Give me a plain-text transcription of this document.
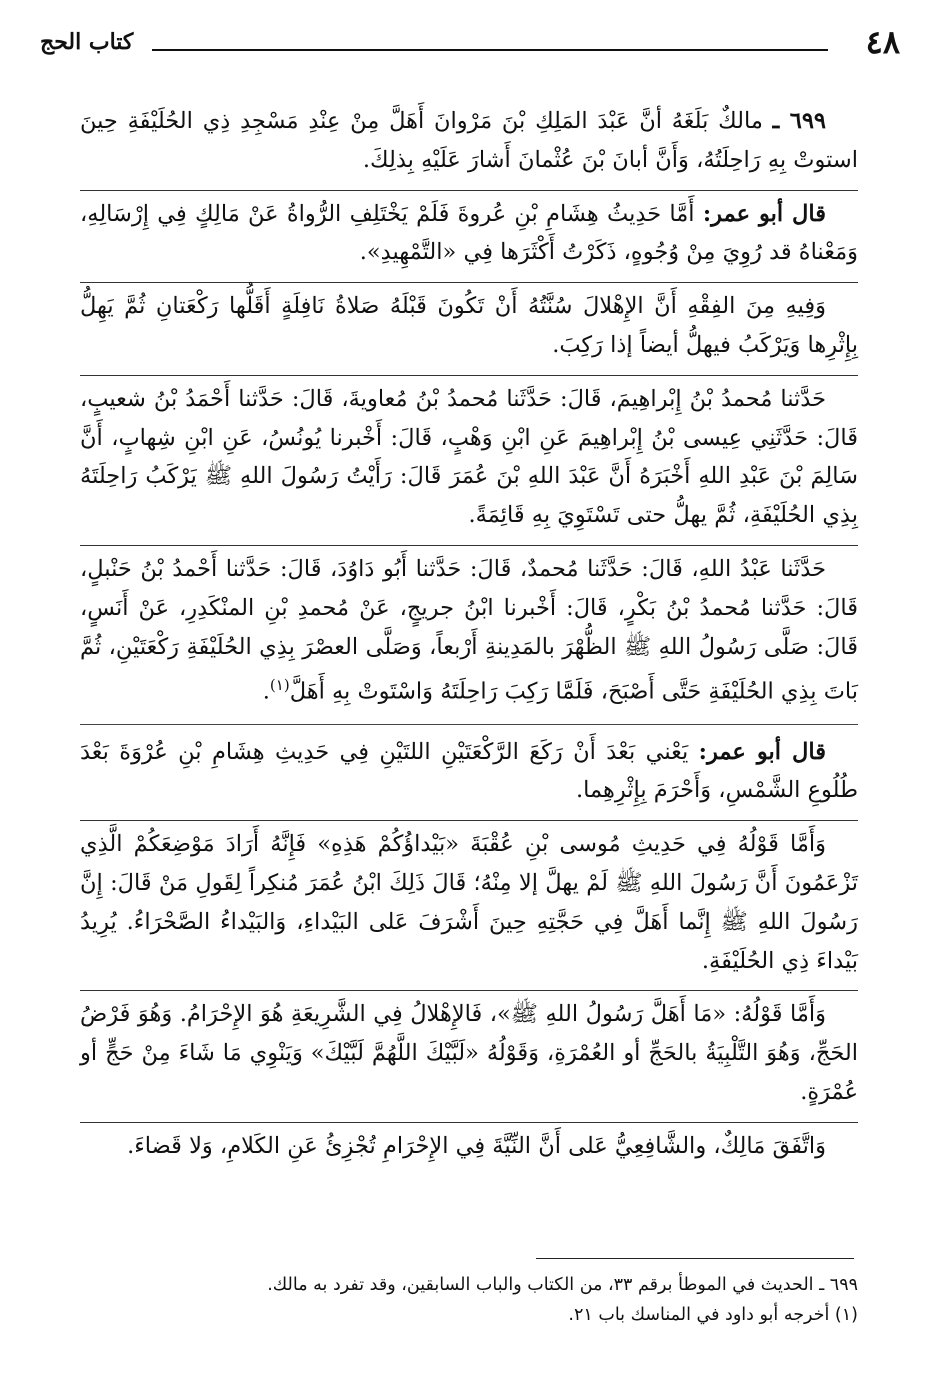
٤٨
كتاب الحج

٦٩٩ ـ مالكٌ بَلَغَهُ أنَّ عَبْدَ المَلِكِ بْنَ مَرْوانَ أَهَلَّ مِنْ عِنْدِ مَسْجِدِ ذِي الحُلَيْفَةِ حِينَ استوتْ بِهِ رَاحِلَتُهُ، وَأَنَّ أبانَ بْنَ عُثْمانَ أَشارَ عَلَيْهِ بِذلِكَ.

قال أبو عمر: أَمَّا حَدِيثُ هِشَامِ بْنِ عُروةَ فَلَمْ يَخْتَلِفِ الرُّواةُ عَنْ مَالِكٍ فِي إِرْسَالِهِ، وَمَعْناهُ قد رُوِيَ مِنْ وُجُوهٍ، ذَكَرْتُ أَكْثَرَها فِي «التَّمْهِيدِ».

وَفِيهِ مِنَ الفِقْهِ أَنَّ الإِهْلالَ سُنَّتُهُ أَنْ تَكُونَ قَبْلَهُ صَلاةُ نَافِلَةٍ أَقَلُّها رَكْعَتانِ ثُمَّ يَهِلُّ بِإِثْرِها وَيَرْكَبُ فيهلُّ أيضاً إذا رَكِبَ.

حَدَّثنا مُحمدُ بْنُ إِبْراهِيمَ، قَالَ: حَدَّثَنا مُحمدُ بْنُ مُعاويةَ، قَالَ: حَدَّثنا أَحْمَدُ بْنُ شعيبٍ، قَالَ: حَدَّثَنِي عِيسى بْنُ إِبْراهِيمَ عَنِ ابْنِ وَهْبٍ، قَالَ: أَخْبرنا يُونُسُ، عَنِ ابْنِ شِهابٍ، أَنَّ سَالِمَ بْنَ عَبْدِ اللهِ أَخْبَرَهُ أَنَّ عَبْدَ اللهِ بْنَ عُمَرَ قَالَ: رَأَيْتُ رَسُولَ اللهِ ﷺ يَرْكَبُ رَاحِلَتَهُ بِذِي الحُلَيْفَةِ، ثُمَّ يهلُّ حتى تَسْتَوِيَ بِهِ قَائِمَةً.

حَدَّثَنا عَبْدُ اللهِ، قَالَ: حَدَّثَنا مُحمدٌ، قَالَ: حَدَّثنا أَبُو دَاوُدَ، قَالَ: حَدَّثنا أَحْمدُ بْنُ حَنْبلٍ، قَالَ: حَدَّثنا مُحمدُ بْنُ بَكْرٍ، قَالَ: أَخْبرنا ابْنُ جريجٍ، عَنْ مُحمدِ بْنِ المنْكَدِرِ، عَنْ أَنَسٍ، قَالَ: صَلَّى رَسُولُ اللهِ ﷺ الظُّهْرَ بالمَدِينةِ أَرْبعاً، وَصَلَّى العصْرَ بِذِي الحُلَيْفَةِ رَكْعَتَيْنِ، ثُمَّ بَاتَ بِذِي الحُلَيْفَةِ حَتَّى أَصْبَحَ، فَلَمَّا رَكِبَ رَاحِلَتَهُ وَاسْتَوتْ بِهِ أَهَلَّ$^{(١)}$.

قال أبو عمر: يَعْني بَعْدَ أَنْ رَكَعَ الرَّكْعَتَيْنِ اللتَيْنِ فِي حَدِيثِ هِشَامِ بْنِ عُرْوَةَ بَعْدَ طُلُوعِ الشَّمْسِ، وَأَحْرَمَ بِإِثْرِهِما.

وَأَمَّا قَوْلُهُ فِي حَدِيثِ مُوسى بْنِ عُقْبَةَ «بَيْداؤُكُمْ هَذِهِ» فَإِنَّهُ أَرَادَ مَوْضِعَكُمْ الَّذِي تَزْعَمُونَ أَنَّ رَسُولَ اللهِ ﷺ لَمْ يهلَّ إلا مِنْهُ؛ قَالَ ذَلِكَ ابْنُ عُمَرَ مُنكِراً لِقَولِ مَنْ قَالَ: إِنَّ رَسُولَ اللهِ ﷺ إِنَّما أَهَلَّ فِي حَجَّتِهِ حِينَ أَشْرَفَ عَلى البَيْداءِ، وَالبَيْداءُ الصَّحْرَاءُ. يُرِيدُ بَيْداءَ ذِي الحُلَيْفَةِ.

وَأَمَّا قَوْلُهُ: «مَا أَهَلَّ رَسُولُ اللهِ ﷺ»، فَالإِهْلالُ فِي الشَّرِيعَةِ هُوَ الإِحْرَامُ. وَهُوَ فَرْضُ الحَجِّ، وَهُوَ التَّلْبِيَةُ بالحَجِّ أو العُمْرَةِ، وَقَوْلُهُ «لَبَّيْكَ اللَّهُمَّ لَبَّيْكَ» وَيَنْوِي مَا شَاءَ مِنْ حَجٍّ أو عُمْرَةٍ.

وَاتَّفَقَ مَالِكٌ، والشَّافِعِيُّ عَلى أَنَّ النِّيَّةَ فِي الإِحْرَامِ تُجْزِئُ عَنِ الكَلامِ، وَلا قَضاءَ.

٦٩٩ ـ الحديث في الموطأ برقم ٣٣، من الكتاب والباب السابقين، وقد تفرد به مالك.

(١) أخرجه أبو داود في المناسك باب ٢١.
